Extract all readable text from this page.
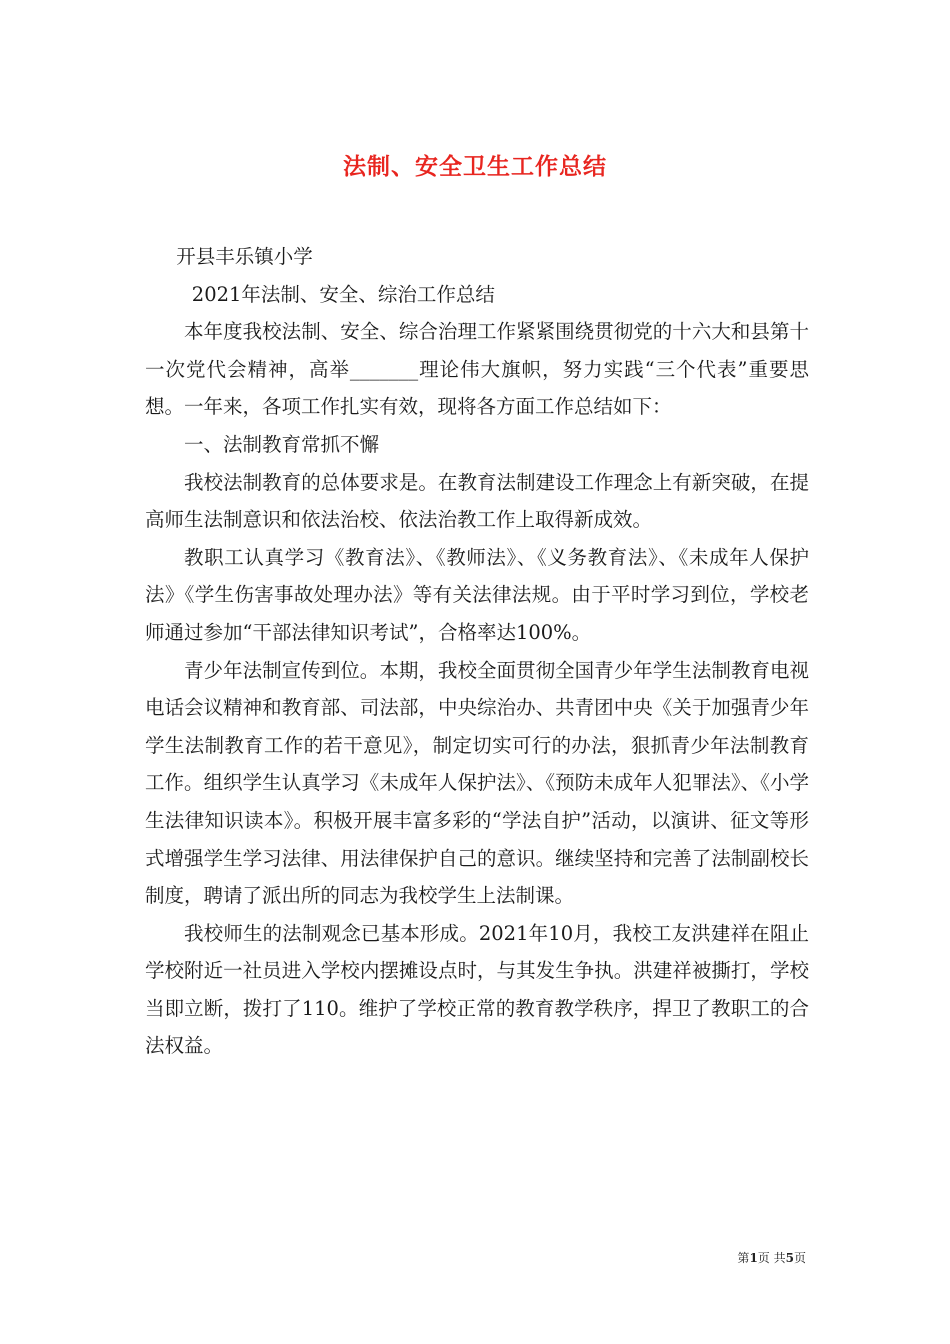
法制、安全卫生工作总结

开县丰乐镇小学

2021年法制、安全、综治工作总结

本年度我校法制、安全、综合治理工作紧紧围绕贯彻党的十六大和县第十一次党代会精神，高举_______理论伟大旗帜，努力实践“三个代表”重要思想。一年来，各项工作扎实有效，现将各方面工作总结如下：

一、法制教育常抓不懈

我校法制教育的总体要求是。在教育法制建设工作理念上有新突破，在提高师生法制意识和依法治校、依法治教工作上取得新成效。

教职工认真学习《教育法》、《教师法》、《义务教育法》、《未成年人保护法》《学生伤害事故处理办法》等有关法律法规。由于平时学习到位，学校老师通过参加“干部法律知识考试”，合格率达100%。

青少年法制宣传到位。本期，我校全面贯彻全国青少年学生法制教育电视电话会议精神和教育部、司法部，中央综治办、共青团中央《关于加强青少年学生法制教育工作的若干意见》，制定切实可行的办法，狠抓青少年法制教育工作。组织学生认真学习《未成年人保护法》、《预防未成年人犯罪法》、《小学生法律知识读本》。积极开展丰富多彩的“学法自护”活动，以演讲、征文等形式增强学生学习法律、用法律保护自己的意识。继续坚持和完善了法制副校长制度，聘请了派出所的同志为我校学生上法制课。

我校师生的法制观念已基本形成。2021年10月，我校工友洪建祥在阻止学校附近一社员进入学校内摆摊设点时，与其发生争执。洪建祥被撕打，学校当即立断，拨打了110。维护了学校正常的教育教学秩序，捍卫了教职工的合法权益。

第1页 共5页
